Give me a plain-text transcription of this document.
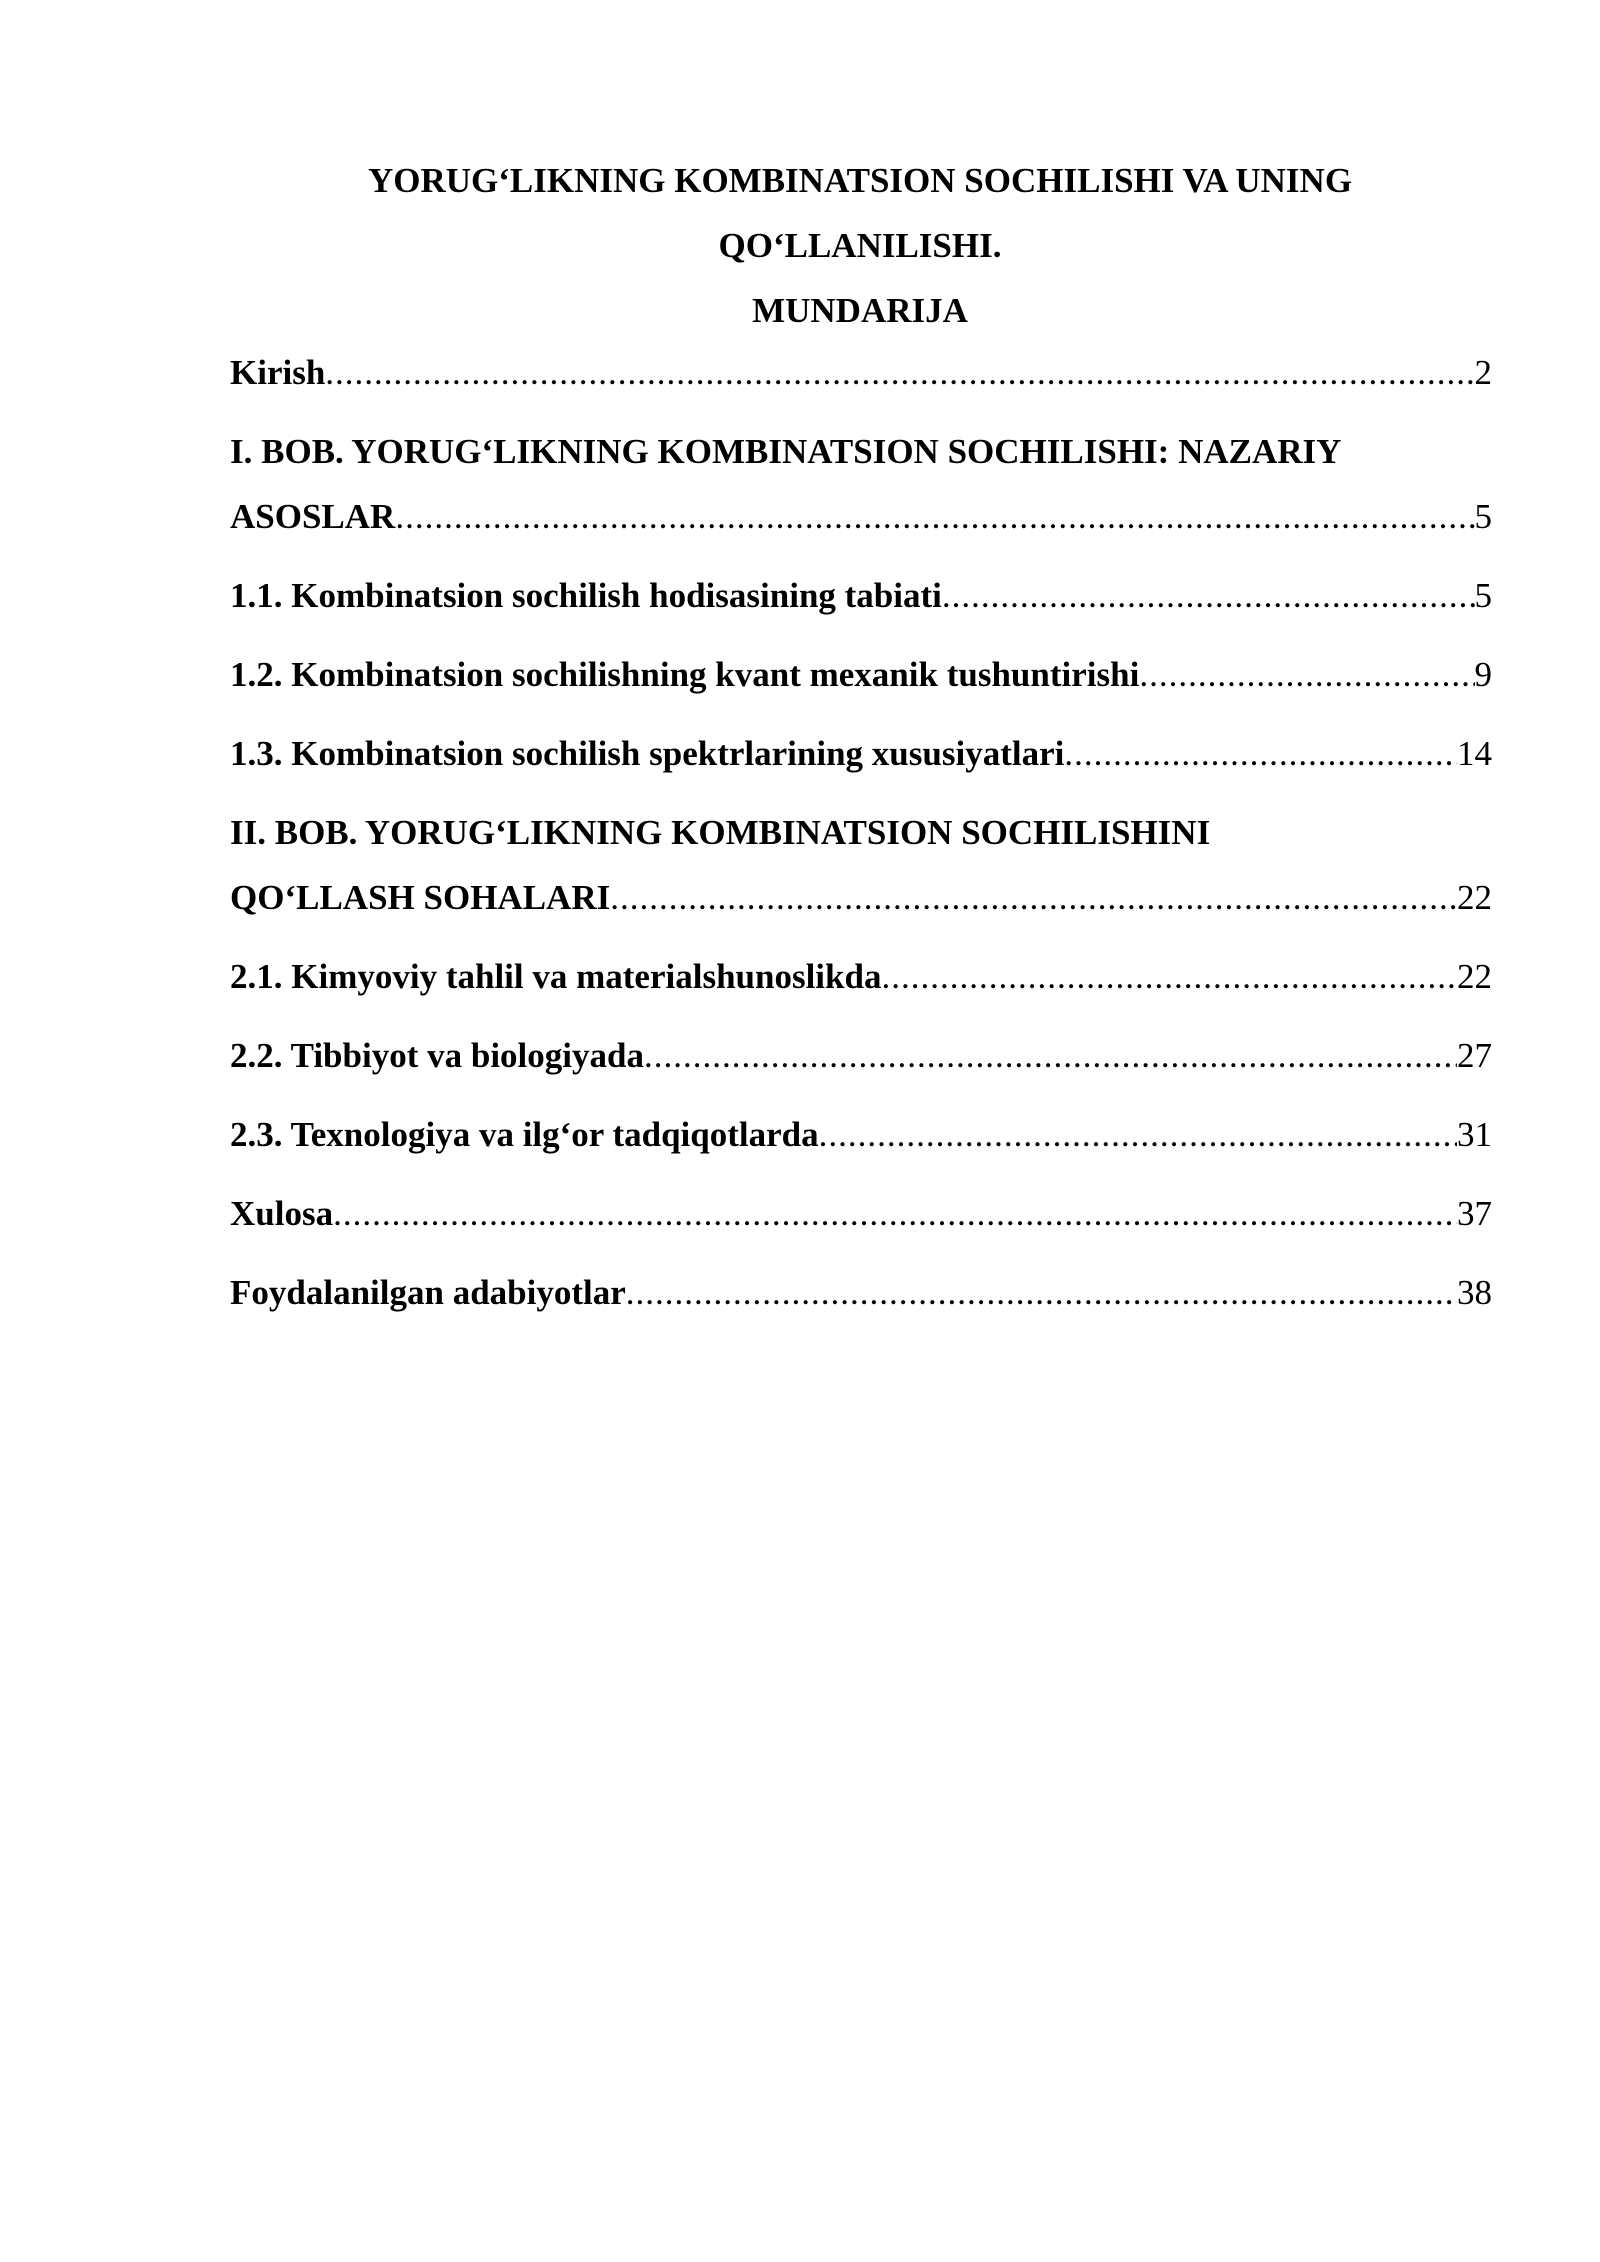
YORUG‘LIKNING KOMBINATSION SOCHILISHI VA UNING
QO‘LLANILISHI.
MUNDARIJA
Kirish .....	2
I. BOB. YORUG‘LIKNING KOMBINATSION SOCHILISHI: NAZARIY
ASOSLAR .....	5
1.1. Kombinatsion sochilish hodisasining tabiati .....	5
1.2. Kombinatsion sochilishning kvant mexanik tushuntirishi .....	9
1.3. Kombinatsion sochilish spektrlarining xususiyatlari .....	14
II. BOB. YORUG‘LIKNING KOMBINATSION SOCHILISHINI
QO‘LLASH SOHALARI .....	22
2.1. Kimyoviy tahlil va materialshunoslikda .....	22
2.2. Tibbiyot va biologiyada .....	27
2.3. Texnologiya va ilg‘or tadqiqotlarda .....	31
Xulosa .....	37
Foydalanilgan adabiyotlar .....	38
